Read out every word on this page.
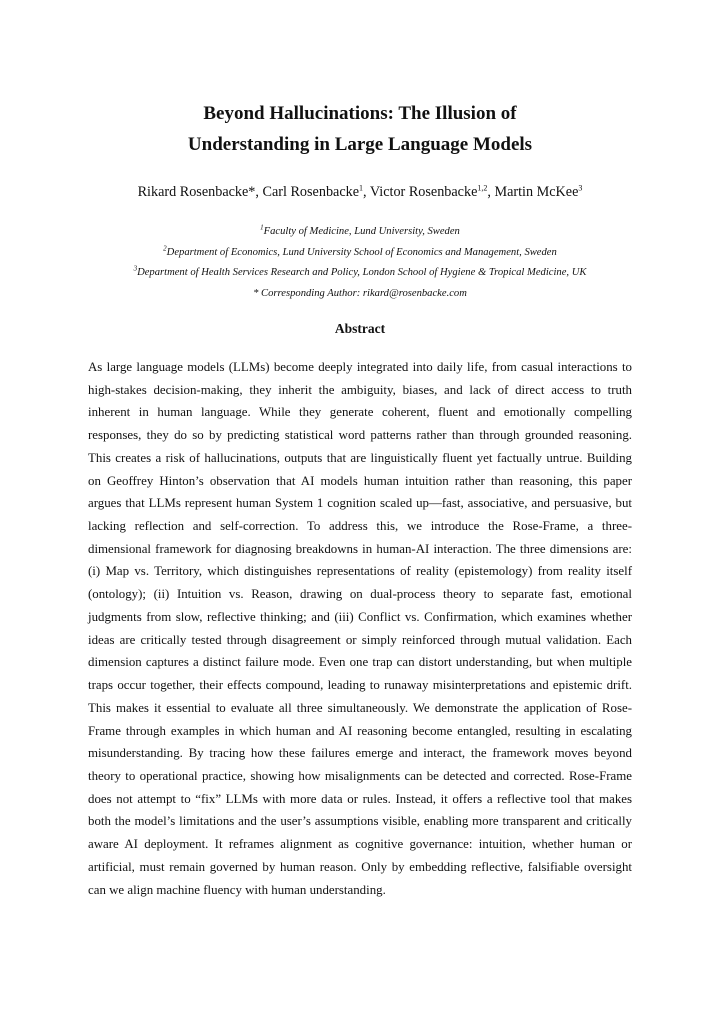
Beyond Hallucinations: The Illusion of
Understanding in Large Language Models
Rikard Rosenbacke*, Carl Rosenbacke$^1$, Victor Rosenbacke$^{1,2}$, Martin McKee$^3$
$^1$Faculty of Medicine, Lund University, Sweden
$^2$Department of Economics, Lund University School of Economics and Management, Sweden
$^3$Department of Health Services Research and Policy, London School of Hygiene & Tropical Medicine, UK
* Corresponding Author: rikard@rosenbacke.com
Abstract
As large language models (LLMs) become deeply integrated into daily life, from casual interactions to
high-stakes decision-making, they inherit the ambiguity, biases, and lack of direct access to truth
inherent in human language. While they generate coherent, fluent and emotionally compelling
responses, they do so by predicting statistical word patterns rather than through grounded reasoning.
This creates a risk of hallucinations, outputs that are linguistically fluent yet factually untrue. Building
on Geoffrey Hinton’s observation that AI models human intuition rather than reasoning, this paper
argues that LLMs represent human System 1 cognition scaled up—fast, associative, and persuasive, but
lacking reflection and self-correction. To address this, we introduce the Rose-Frame, a three-
dimensional framework for diagnosing breakdowns in human-AI interaction. The three dimensions are:
(i) Map vs. Territory, which distinguishes representations of reality (epistemology) from reality itself
(ontology); (ii) Intuition vs. Reason, drawing on dual-process theory to separate fast, emotional
judgments from slow, reflective thinking; and (iii) Conflict vs. Confirmation, which examines whether
ideas are critically tested through disagreement or simply reinforced through mutual validation. Each
dimension captures a distinct failure mode. Even one trap can distort understanding, but when multiple
traps occur together, their effects compound, leading to runaway misinterpretations and epistemic drift.
This makes it essential to evaluate all three simultaneously. We demonstrate the application of Rose-
Frame through examples in which human and AI reasoning become entangled, resulting in escalating
misunderstanding. By tracing how these failures emerge and interact, the framework moves beyond
theory to operational practice, showing how misalignments can be detected and corrected. Rose-Frame
does not attempt to “fix” LLMs with more data or rules. Instead, it offers a reflective tool that makes
both the model’s limitations and the user’s assumptions visible, enabling more transparent and critically
aware AI deployment. It reframes alignment as cognitive governance: intuition, whether human or
artificial, must remain governed by human reason. Only by embedding reflective, falsifiable oversight
can we align machine fluency with human understanding.
